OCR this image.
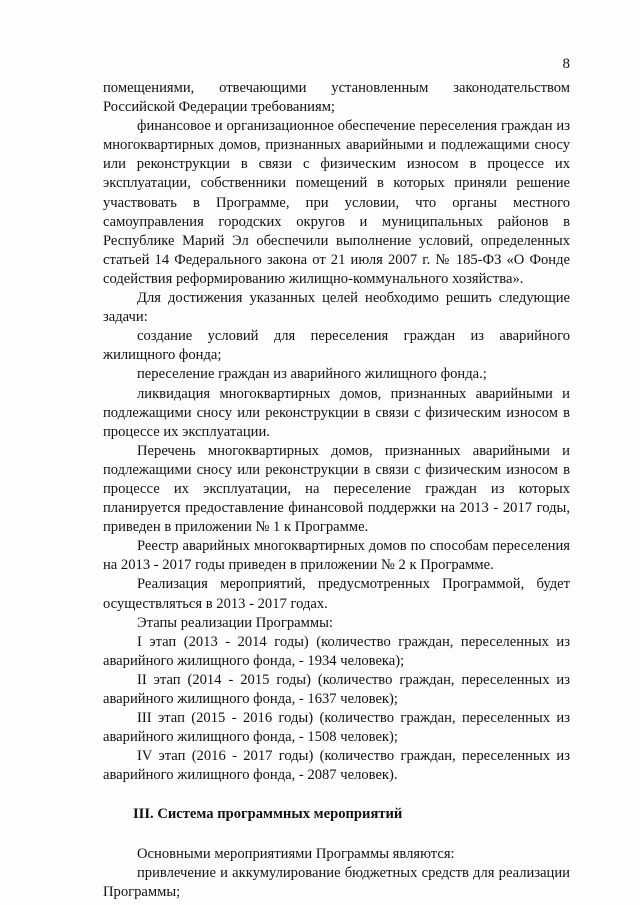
8

помещениями, отвечающими установленным законодательством Российской Федерации требованиям;

финансовое и организационное обеспечение переселения граждан из многоквартирных домов, признанных аварийными и подлежащими сносу или реконструкции в связи с физическим износом в процессе их эксплуатации, собственники помещений в которых приняли решение участвовать в Программе, при условии, что органы местного самоуправления городских округов и муниципальных районов в Республике Марий Эл обеспечили выполнение условий, определенных статьей 14 Федерального закона от 21 июля 2007 г. № 185-ФЗ «О Фонде содействия реформированию жилищно-коммунального хозяйства».

Для достижения указанных целей необходимо решить следующие задачи:

создание условий для переселения граждан из аварийного жилищного фонда;

переселение граждан из аварийного жилищного фонда.;

ликвидация многоквартирных домов, признанных аварийными и подлежащими сносу или реконструкции в связи с физическим износом в процессе их эксплуатации.

Перечень многоквартирных домов, признанных аварийными и подлежащими сносу или реконструкции в связи с физическим износом в процессе их эксплуатации, на переселение граждан из которых планируется предоставление финансовой поддержки на 2013 - 2017 годы, приведен в приложении № 1 к Программе.

Реестр аварийных многоквартирных домов по способам переселения на 2013 - 2017 годы приведен в приложении № 2 к Программе.

Реализация мероприятий, предусмотренных Программой, будет осуществляться в 2013 - 2017 годах.

Этапы реализации Программы:

I этап (2013 - 2014 годы) (количество граждан, переселенных из аварийного жилищного фонда, - 1934 человека);

II этап (2014 - 2015 годы) (количество граждан, переселенных из аварийного жилищного фонда, - 1637 человек);

III этап (2015 - 2016 годы) (количество граждан, переселенных из аварийного жилищного фонда, - 1508 человек);

IV этап (2016 - 2017 годы) (количество граждан, переселенных из аварийного жилищного фонда, - 2087 человек).

III. Система программных мероприятий

Основными мероприятиями Программы являются:

привлечение и аккумулирование бюджетных средств для реализации Программы;
